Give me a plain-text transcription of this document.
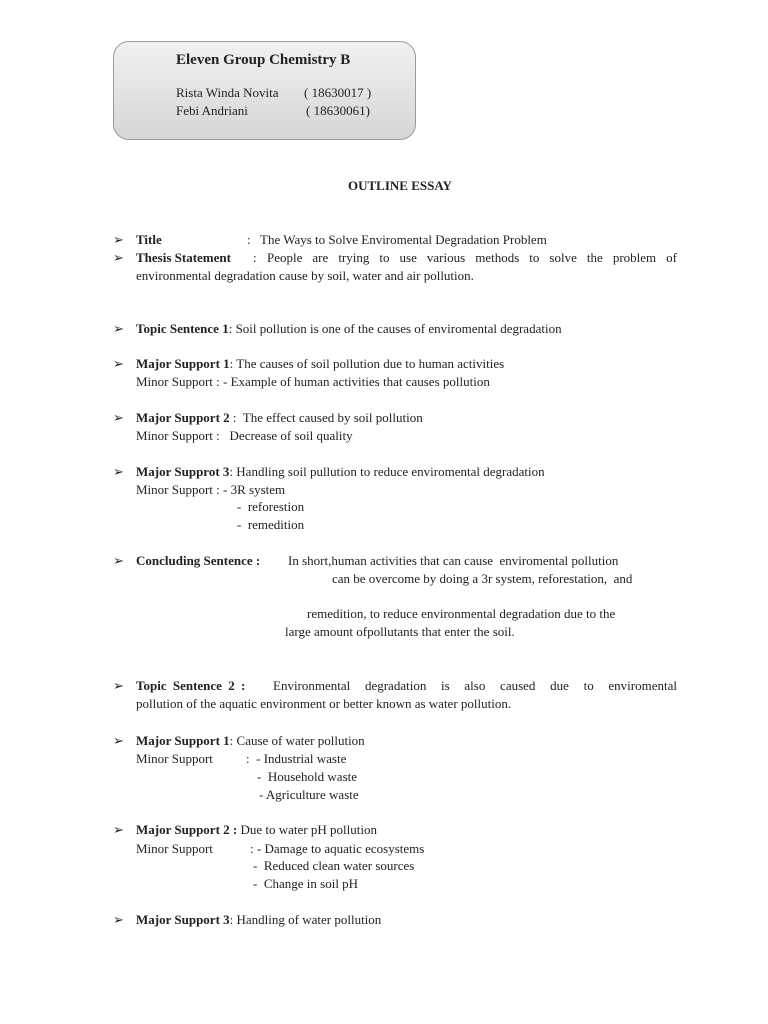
Eleven Group Chemistry B
Rista Winda Novita ( 18630017 )
Febi Andriani	( 18630061)
OUTLINE ESSAY
➢ Title	: The Ways to Solve Enviromental Degradation Problem
➢ Thesis Statement : People are trying to use various methods to solve the problem of
environmental degradation cause by soil, water and air pollution.
➢ Topic Sentence 1: Soil pollution is one of the causes of enviromental degradation
➢ Major Support 1: The causes of soil pollution due to human activities
Minor Support : - Example of human activities that causes pollution
➢ Major Support 2 :  The effect caused by soil pollution
Minor Support :   Decrease of soil quality
➢ Major Supprot 3: Handling soil pullution to reduce enviromental degradation
Minor Support : - 3R system
-  reforestion
-  remedition
➢ Concluding Sentence : In short,human activities that can cause  enviromental pollution
can be overcome by doing a 3r system, reforestation,  and
remedition, to reduce environmental degradation due to the
large amount ofpollutants that enter the soil.
➢ Topic Sentence 2 : Environmental degradation is also caused due to enviromental
pollution of the aquatic environment or better known as water pollution.
➢ Major Support 1: Cause of water pollution
Minor Support	:  - Industrial waste
-  Household waste
- Agriculture waste
➢ Major Support 2 : Due to water pH pollution
Minor Support	: - Damage to aquatic ecosystems
-  Reduced clean water sources
-  Change in soil pH
➢ Major Support 3: Handling of water pollution
